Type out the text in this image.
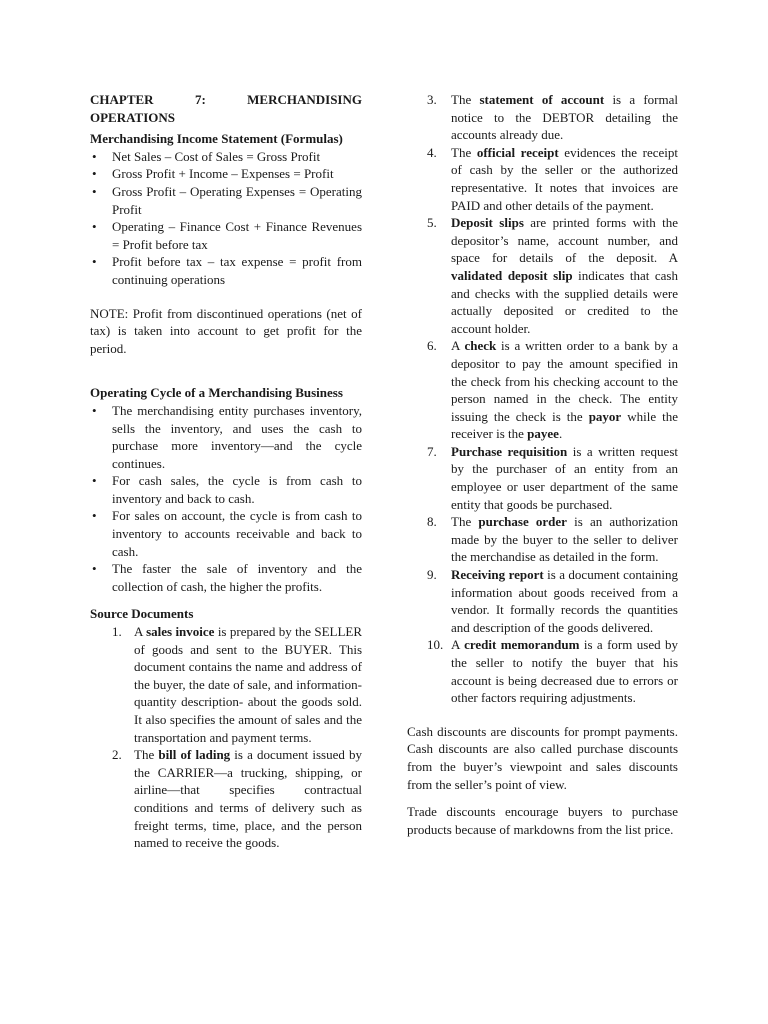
CHAPTER 7: MERCHANDISING
OPERATIONS
Merchandising Income Statement (Formulas)
• Net Sales – Cost of Sales = Gross Profit
• Gross Profit + Income – Expenses = Profit
• Gross Profit – Operating Expenses = Operating Profit
• Operating – Finance Cost + Finance Revenues = Profit before tax
• Profit before tax – tax expense = profit from continuing operations

NOTE: Profit from discontinued operations (net of tax) is taken into account to get profit for the period.

Operating Cycle of a Merchandising Business
• The merchandising entity purchases inventory, sells the inventory, and uses the cash to purchase more inventory—and the cycle continues.
• For cash sales, the cycle is from cash to inventory and back to cash.
• For sales on account, the cycle is from cash to inventory to accounts receivable and back to cash.
• The faster the sale of inventory and the collection of cash, the higher the profits.
Source Documents
1. A sales invoice is prepared by the SELLER of goods and sent to the BUYER. This document contains the name and address of the buyer, the date of sale, and information- quantity description- about the goods sold. It also specifies the amount of sales and the transportation and payment terms.
2. The bill of lading is a document issued by the CARRIER—a trucking, shipping, or airline—that specifies contractual conditions and terms of delivery such as freight terms, time, place, and the person named to receive the goods.
3. The statement of account is a formal notice to the DEBTOR detailing the accounts already due.
4. The official receipt evidences the receipt of cash by the seller or the authorized representative. It notes that invoices are PAID and other details of the payment.
5. Deposit slips are printed forms with the depositor’s name, account number, and space for details of the deposit. A validated deposit slip indicates that cash and checks with the supplied details were actually deposited or credited to the account holder.
6. A check is a written order to a bank by a depositor to pay the amount specified in the check from his checking account to the person named in the check. The entity issuing the check is the payor while the receiver is the payee.
7. Purchase requisition is a written request by the purchaser of an entity from an employee or user department of the same entity that goods be purchased.
8. The purchase order is an authorization made by the buyer to the seller to deliver the merchandise as detailed in the form.
9. Receiving report is a document containing information about goods received from a vendor. It formally records the quantities and description of the goods delivered.
10. A credit memorandum is a form used by the seller to notify the buyer that his account is being decreased due to errors or other factors requiring adjustments.

Cash discounts are discounts for prompt payments. Cash discounts are also called purchase discounts from the buyer’s viewpoint and sales discounts from the seller’s point of view.

Trade discounts encourage buyers to purchase products because of markdowns from the list price.
